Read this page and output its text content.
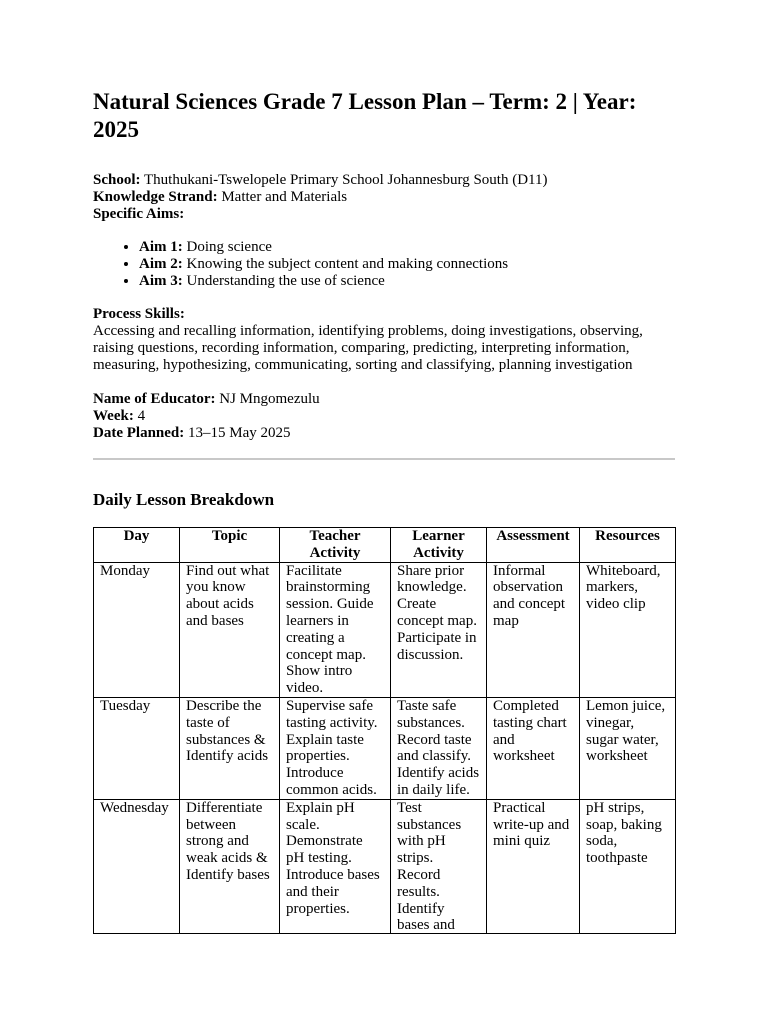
Natural Sciences Grade 7 Lesson Plan – Term: 2 | Year: 2025

School: Thuthukani-Tswelopele Primary School Johannesburg South (D11)

Knowledge Strand: Matter and Materials

Specific Aims:

• Aim 1: Doing science
• Aim 2: Knowing the subject content and making connections
• Aim 3: Understanding the use of science

Process Skills:

Accessing and recalling information, identifying problems, doing investigations, observing, raising questions, recording information, comparing, predicting, interpreting information, measuring, hypothesizing, communicating, sorting and classifying, planning investigation

Name of Educator: NJ Mngomezulu

Week: 4

Date Planned: 13–15 May 2025

Daily Lesson Breakdown
Day	Topic	Teacher Activity	Learner Activity	Assessment	Resources
Monday	Find out what you know about acids and bases	Facilitate brainstorming session. Guide learners in creating a concept map. Show intro video.	Share prior knowledge. Create concept map. Participate in discussion.	Informal observation and concept map	Whiteboard, markers, video clip
Tuesday	Describe the taste of substances & Identify acids	Supervise safe tasting activity. Explain taste properties. Introduce common acids.	Taste safe substances. Record taste and classify. Identify acids in daily life.	Completed tasting chart and worksheet	Lemon juice, vinegar, sugar water, worksheet
Wednesday	Differentiate between strong and weak acids & Identify bases	Explain pH scale. Demonstrate pH testing. Introduce bases and their properties.	Test substances with pH strips. Record results. Identify bases and	Practical write-up and mini quiz	pH strips, soap, baking soda, toothpaste
